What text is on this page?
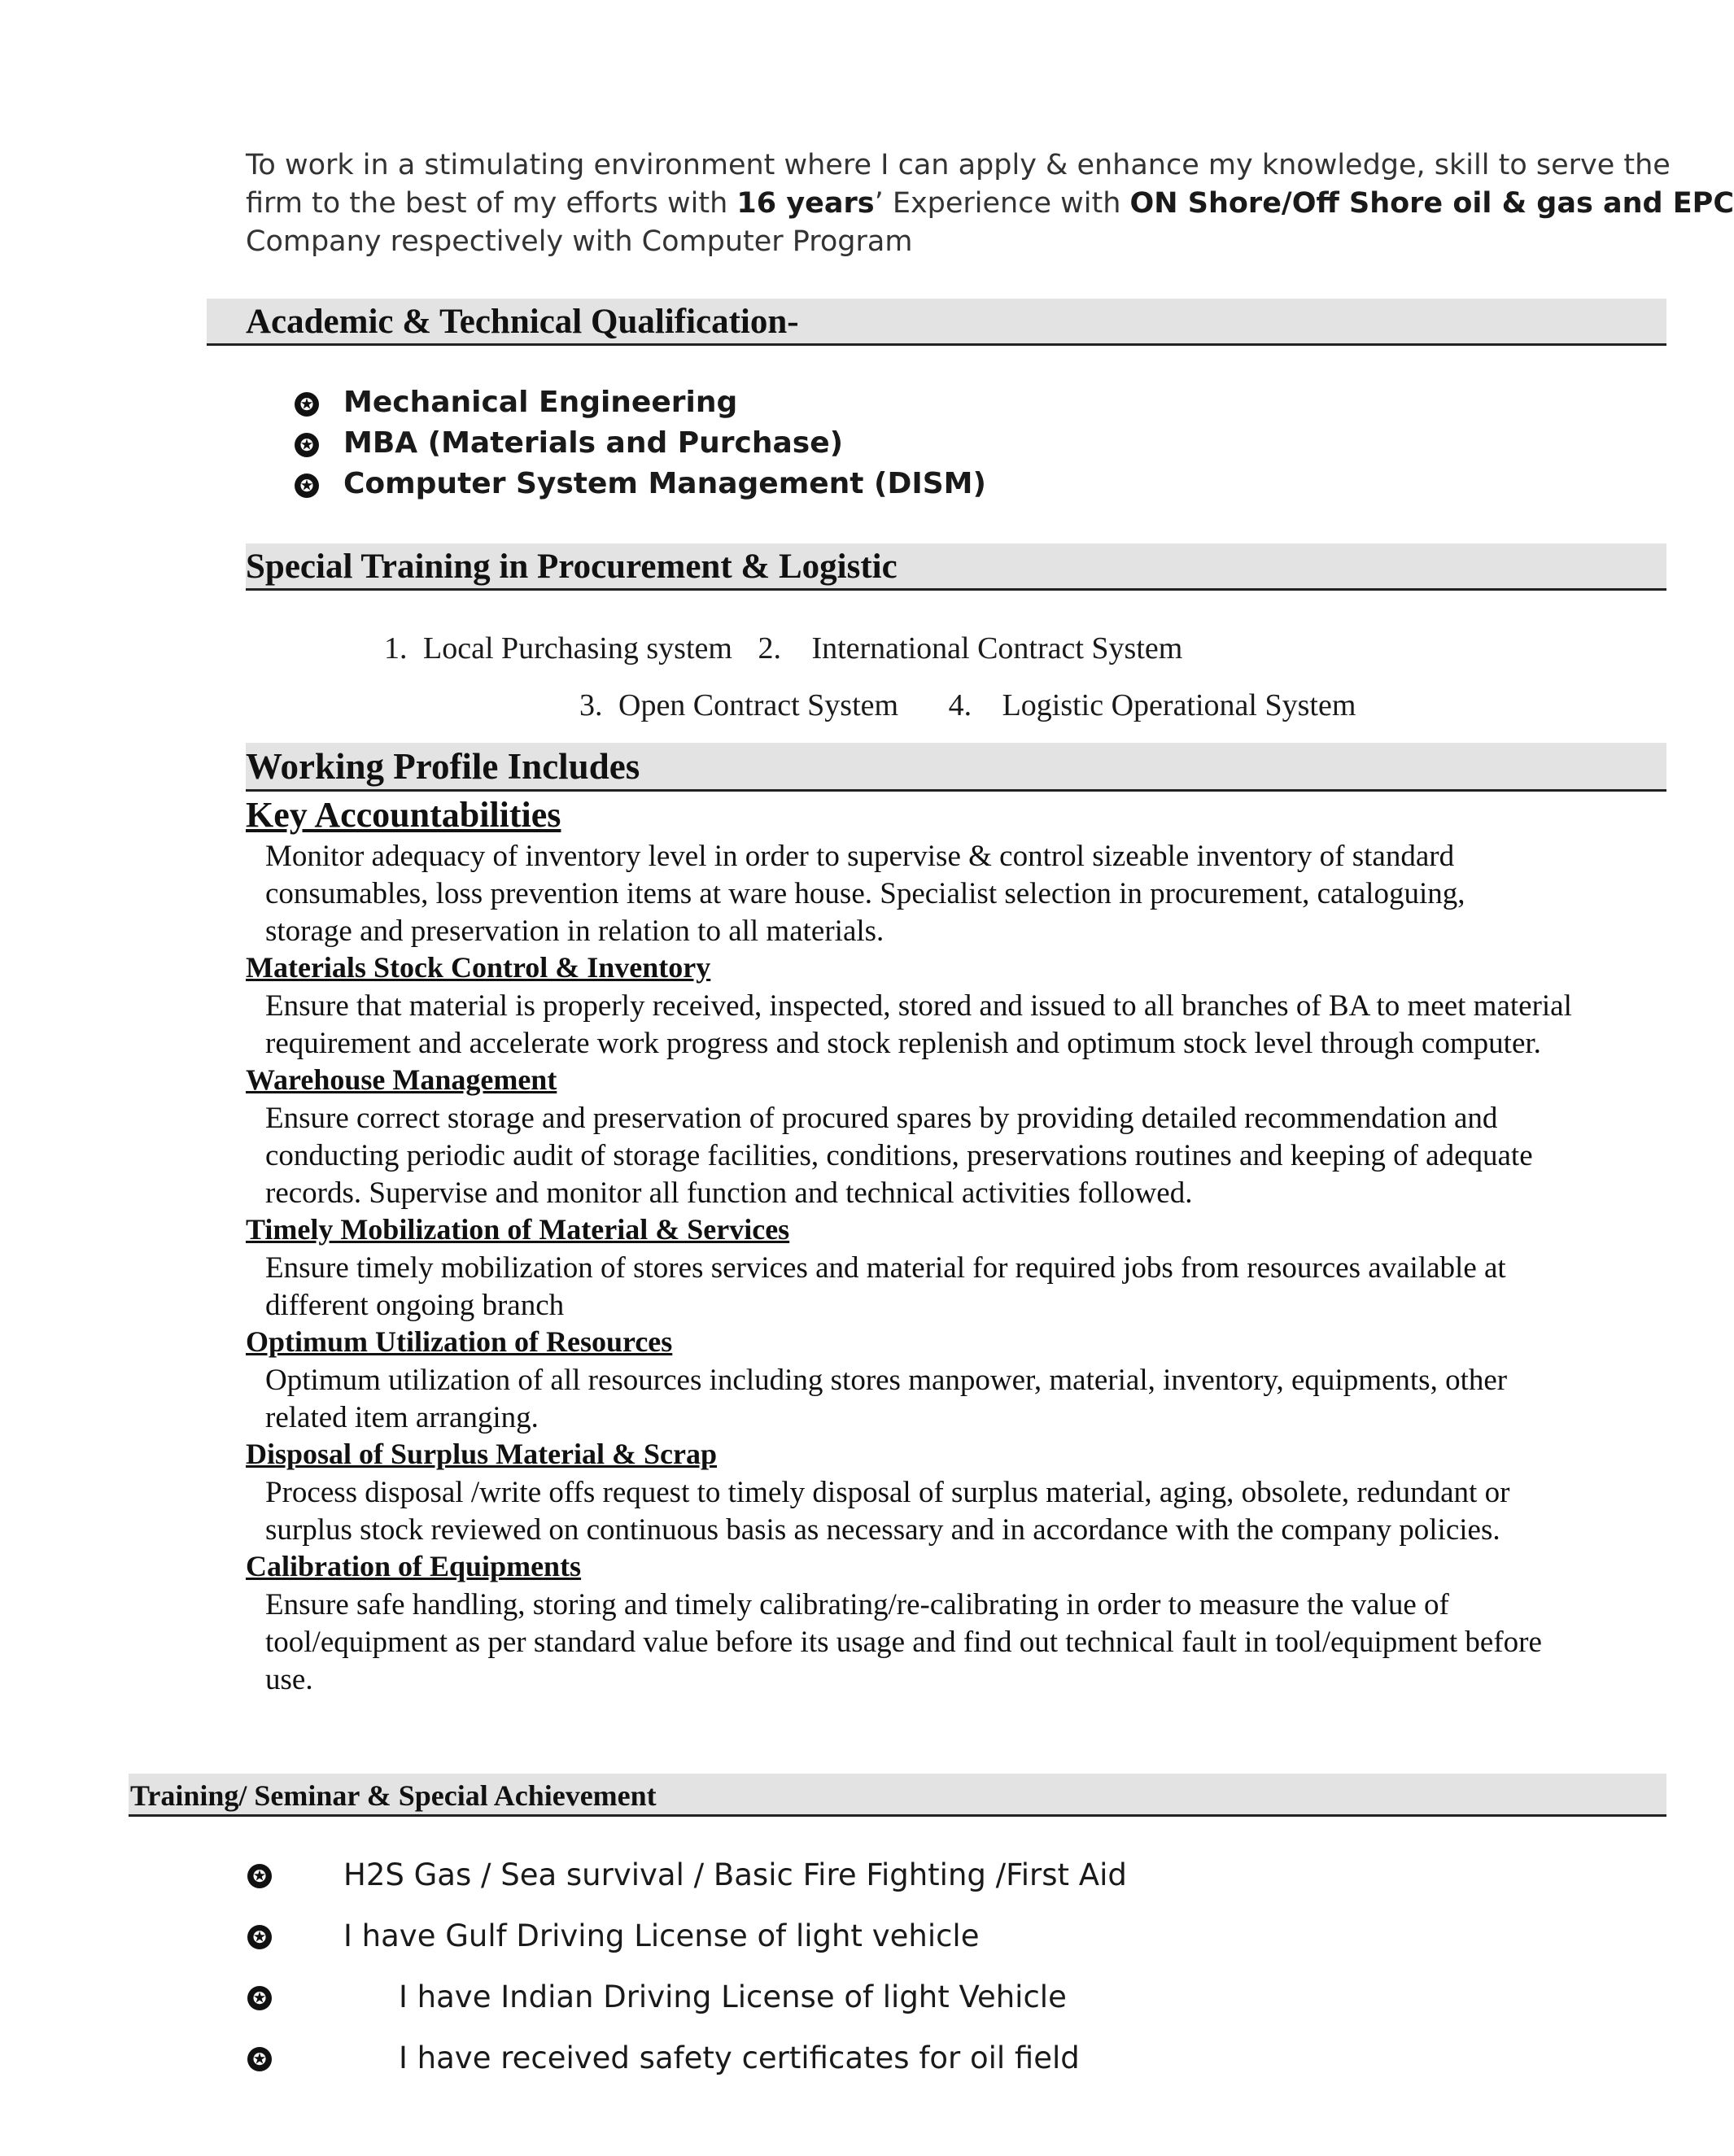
To work in a stimulating environment where I can apply & enhance my knowledge, skill to serve the
firm to the best of my efforts with 16 years’ Experience with ON Shore/Off Shore oil & gas and EPC
Company respectively with Computer Program
Academic & Technical Qualification-
✪ Mechanical Engineering
✪ MBA (Materials and Purchase)
✪ Computer System Management (DISM)
Special Training in Procurement & Logistic
1. Local Purchasing system 2. International Contract System
3. Open Contract System 4. Logistic Operational System
Working Profile Includes
Key Accountabilities
Monitor adequacy of inventory level in order to supervise & control sizeable inventory of standard
consumables, loss prevention items at ware house. Specialist selection in procurement, cataloguing,
storage and preservation in relation to all materials.
Materials Stock Control & Inventory
Ensure that material is properly received, inspected, stored and issued to all branches of BA to meet material
requirement and accelerate work progress and stock replenish and optimum stock level through computer.
Warehouse Management
Ensure correct storage and preservation of procured spares by providing detailed recommendation and
conducting periodic audit of storage facilities, conditions, preservations routines and keeping of adequate
records. Supervise and monitor all function and technical activities followed.
Timely Mobilization of Material & Services
Ensure timely mobilization of stores services and material for required jobs from resources available at
different ongoing branch
Optimum Utilization of Resources
Optimum utilization of all resources including stores manpower, material, inventory, equipments, other
related item arranging.
Disposal of Surplus Material & Scrap
Process disposal /write offs request to timely disposal of surplus material, aging, obsolete, redundant or
surplus stock reviewed on continuous basis as necessary and in accordance with the company policies.
Calibration of Equipments
Ensure safe handling, storing and timely calibrating/re-calibrating in order to measure the value of
tool/equipment as per standard value before its usage and find out technical fault in tool/equipment before
use.
Training/ Seminar & Special Achievement
✪	H2S Gas / Sea survival / Basic Fire Fighting /First Aid
✪	I have Gulf Driving License of light vehicle
✪	I have Indian Driving License of light Vehicle
✪	I have received safety certificates for oil field
